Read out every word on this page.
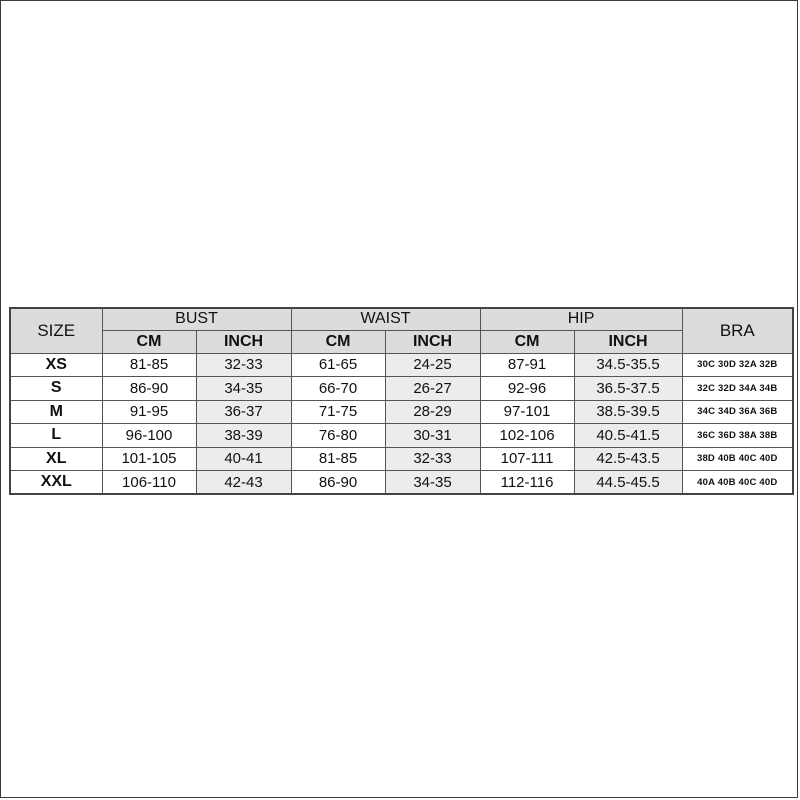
SIZE	BUST		WAIST		HIP		BRA
	CM	INCH	CM	INCH	CM	INCH	
XS	81-85	32-33	61-65	24-25	87-91	34.5-35.5	30C 30D 32A 32B
S	86-90	34-35	66-70	26-27	92-96	36.5-37.5	32C 32D 34A 34B
M	91-95	36-37	71-75	28-29	97-101	38.5-39.5	34C 34D 36A 36B
L	96-100	38-39	76-80	30-31	102-106	40.5-41.5	36C 36D 38A 38B
XL	101-105	40-41	81-85	32-33	107-111	42.5-43.5	38D 40B 40C 40D
XXL	106-110	42-43	86-90	34-35	112-116	44.5-45.5	40A 40B 40C 40D
